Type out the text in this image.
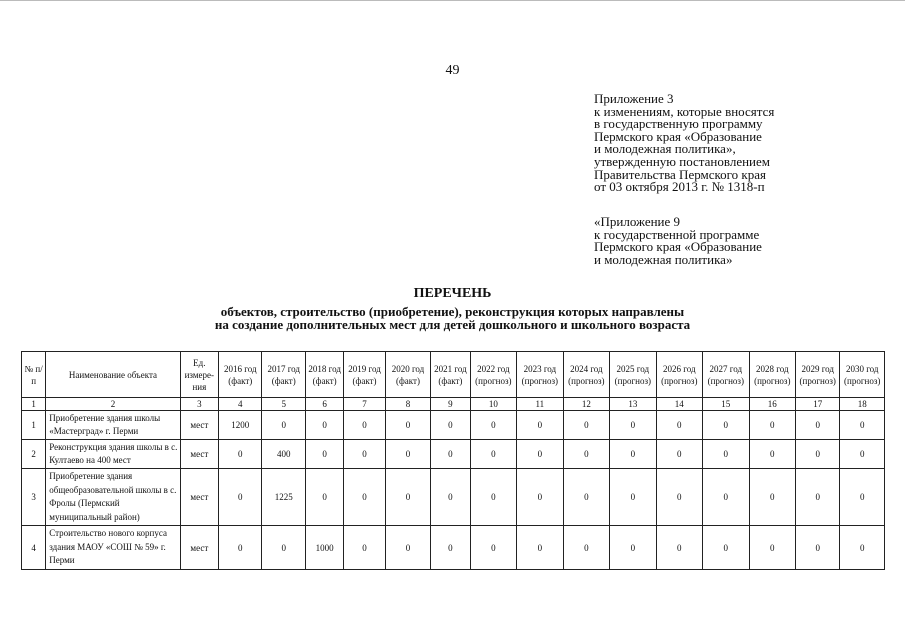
49
Приложение 3
к изменениям, которые вносятся
в государственную программу
Пермского края «Образование
и молодежная политика»,
утвержденную постановлением
Правительства Пермского края
от 03 октября 2013 г. № 1318-п
«Приложение 9
к государственной программе
Пермского края «Образование
и молодежная политика»
ПЕРЕЧЕНЬ
объектов, строительство (приобретение), реконструкция которых направлены
на создание дополнительных мест для детей дошкольного и школьного возраста
№ п/п	Наименование объекта	Ед. измере-ния	2016 год (факт)	2017 год (факт)	2018 год (факт)	2019 год (факт)	2020 год (факт)	2021 год (факт)	2022 год (прогноз)	2023 год (прогноз)	2024 год (прогноз)	2025 год (прогноз)	2026 год (прогноз)	2027 год (прогноз)	2028 год (прогноз)	2029 год (прогноз)	2030 год (прогноз)
1	2	3	4	5	6	7	8	9	10	11	12	13	14	15	16	17	18
1	Приобретение здания школы «Мастерград» г. Перми	мест	1200	0	0	0	0	0	0	0	0	0	0	0	0	0	0
2	Реконструкция здания школы в с. Култаево на 400 мест	мест	0	400	0	0	0	0	0	0	0	0	0	0	0	0	0
3	Приобретение здания общеобразовательной школы в с. Фролы (Пермский муниципальный район)	мест	0	1225	0	0	0	0	0	0	0	0	0	0	0	0	0
4	Строительство нового корпуса здания МАОУ «СОШ № 59» г. Перми	мест	0	0	1000	0	0	0	0	0	0	0	0	0	0	0	0
